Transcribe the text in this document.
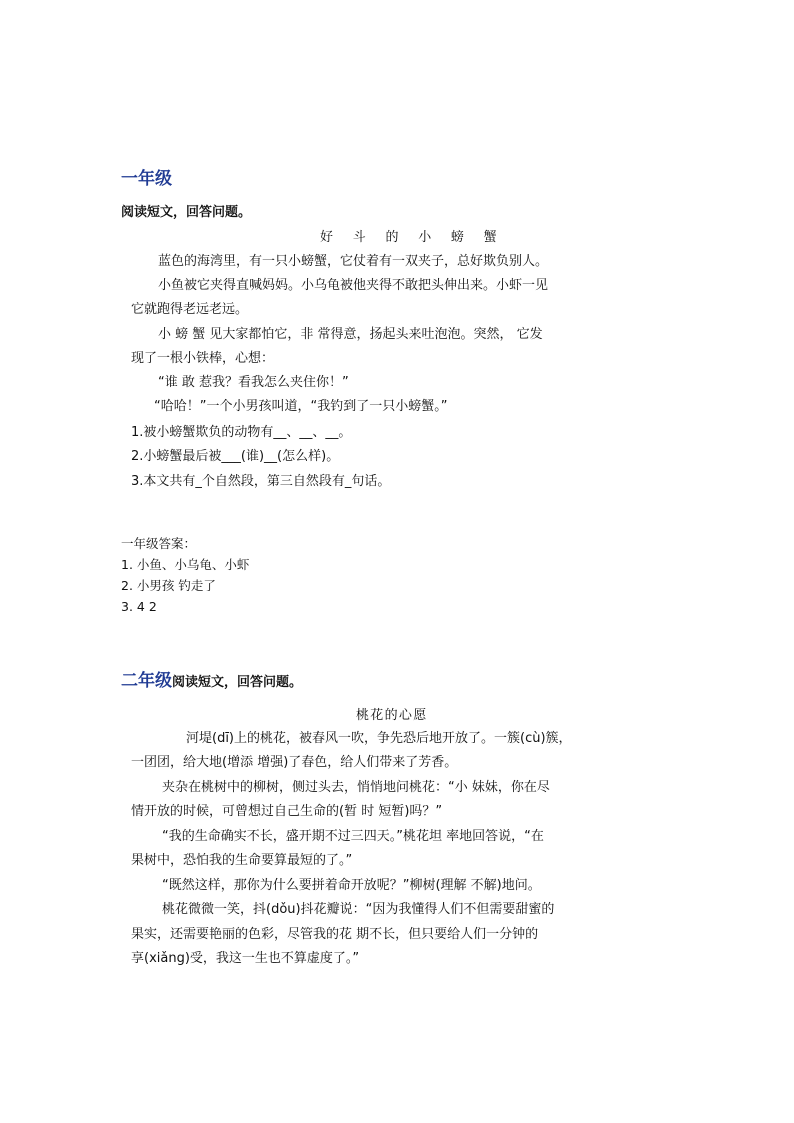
一年级
阅读短文，回答问题。
好 斗 的 小 螃 蟹
蓝色的海湾里，有一只小螃蟹，它仗着有一双夹子，总好欺负别人。
小鱼被它夹得直喊妈妈。小乌龟被他夹得不敢把头伸出来。小虾一见
它就跑得老远老远。
小 螃 蟹 见大家都怕它，非 常得意，扬起头来吐泡泡。突然， 它发
现了一根小铁棒，心想：
“谁 敢 惹我？看我怎么夹住你！”
“哈哈！”一个小男孩叫道，“我钓到了一只小螃蟹。”
1.被小螃蟹欺负的动物有__、__、__。
2.小螃蟹最后被___(谁)__(怎么样)。
3.本文共有_个自然段，第三自然段有_句话。
一年级答案：
1. 小鱼、小乌龟、小虾
2. 小男孩 钓走了
3. 4 2
二年级阅读短文，回答问题。
桃花的心愿
河堤(dī)上的桃花，被春风一吹，争先恐后地开放了。一簇(cù)簇，
一团团，给大地(增添 增强)了春色，给人们带来了芳香。
夹杂在桃树中的柳树，侧过头去，悄悄地问桃花：“小 妹妹，你在尽
情开放的时候，可曾想过自己生命的(暂 时 短暂)吗？”
“我的生命确实不长，盛开期不过三四天。”桃花坦 率地回答说，“在
果树中，恐怕我的生命要算最短的了。”
“既然这样，那你为什么要拼着命开放呢？”柳树(理解 不解)地问。
桃花微微一笑，抖(dǒu)抖花瓣说：“因为我懂得人们不但需要甜蜜的
果实，还需要艳丽的色彩，尽管我的花 期不长，但只要给人们一分钟的
享(xiǎng)受，我这一生也不算虚度了。”
